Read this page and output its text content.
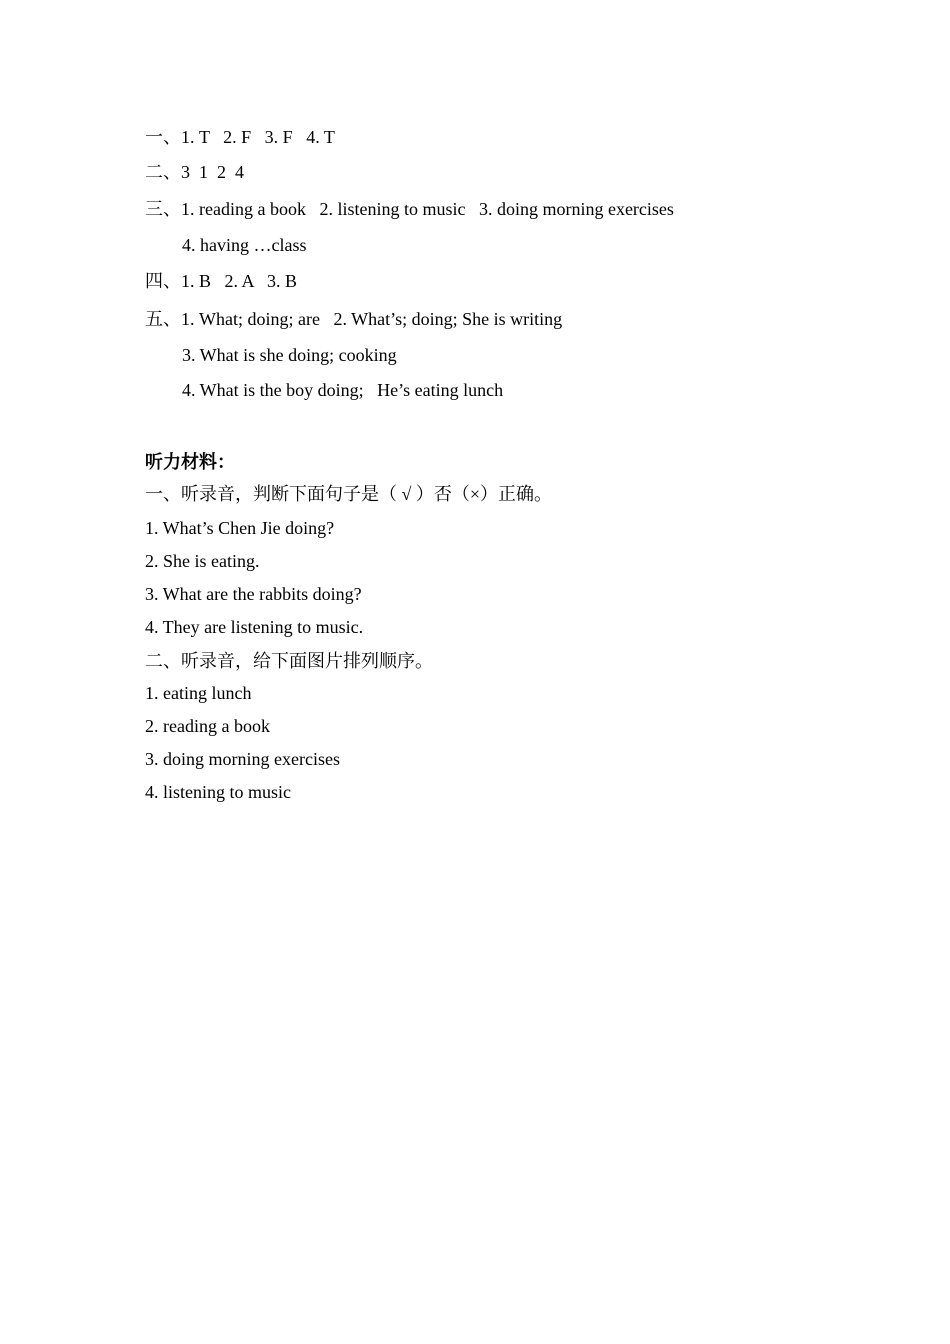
一、1. T   2. F   3. F   4. T
二、3  1  2  4
三、1. reading a book   2. listening to music   3. doing morning exercises
4. having …class
四、1. B   2. A   3. B
五、1. What; doing; are   2. What’s; doing; She is writing
3. What is she doing; cooking
4. What is the boy doing;   He’s eating lunch
听力材料：
一、听录音，判断下面句子是（ √ ）否（×）正确。
1. What’s Chen Jie doing?
2. She is eating.
3. What are the rabbits doing?
4. They are listening to music.
二、听录音，给下面图片排列顺序。
1. eating lunch
2. reading a book
3. doing morning exercises
4. listening to music
